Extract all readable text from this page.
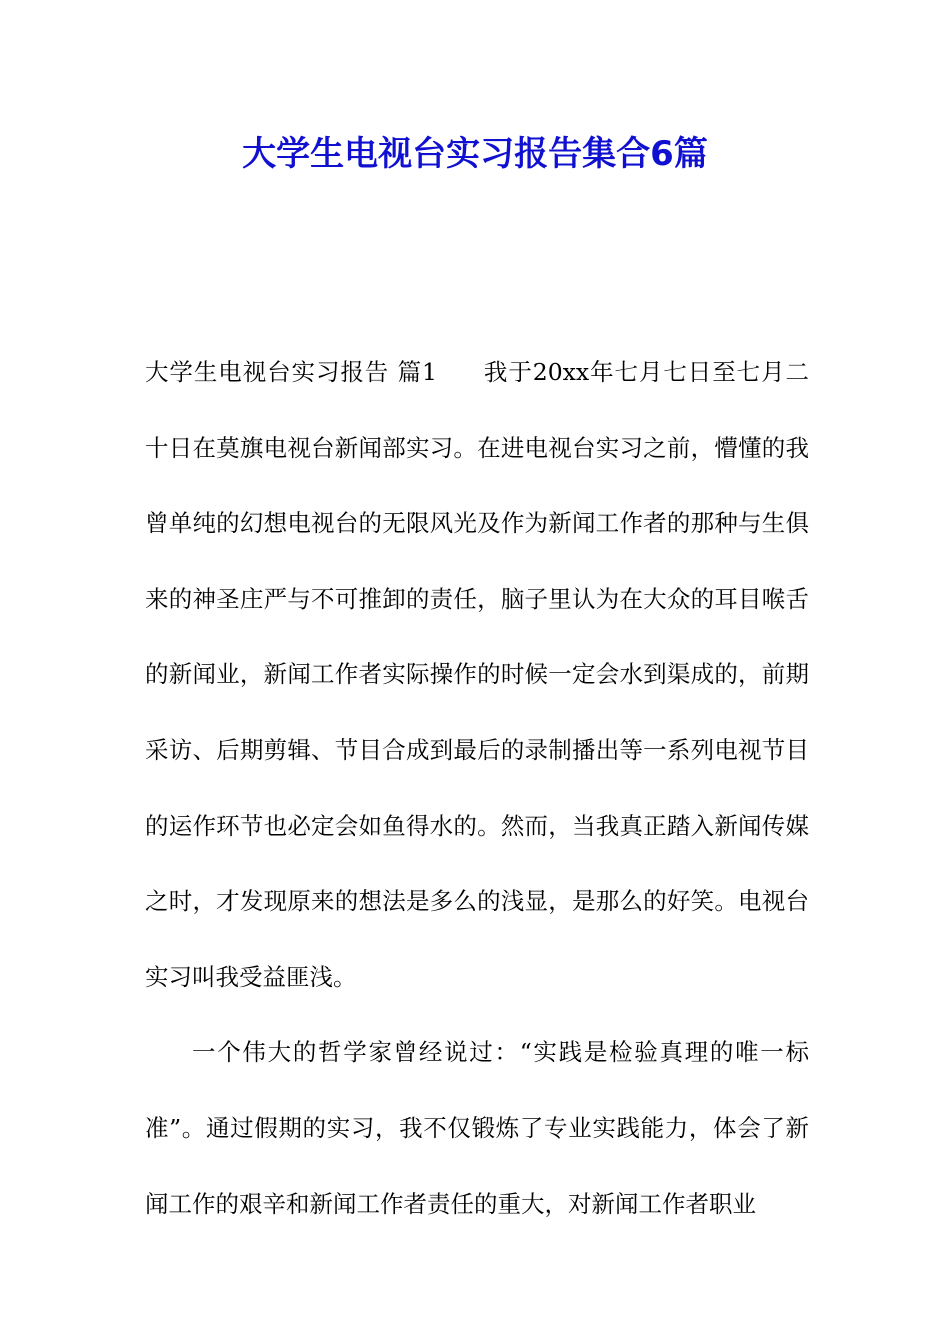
大学生电视台实习报告集合6篇

大学生电视台实习报告 篇1 我于20xx年七月七日至七月二十日在莫旗电视台新闻部实习。在进电视台实习之前，懵懂的我曾单纯的幻想电视台的无限风光及作为新闻工作者的那种与生俱来的神圣庄严与不可推卸的责任，脑子里认为在大众的耳目喉舌的新闻业，新闻工作者实际操作的时候一定会水到渠成的，前期采访、后期剪辑、节目合成到最后的录制播出等一系列电视节目的运作环节也必定会如鱼得水的。然而，当我真正踏入新闻传媒之时，才发现原来的想法是多么的浅显，是那么的好笑。电视台实习叫我受益匪浅。

一个伟大的哲学家曾经说过：“实践是检验真理的唯一标准”。通过假期的实习，我不仅锻炼了专业实践能力，体会了新闻工作的艰辛和新闻工作者责任的重大，对新闻工作者职业
